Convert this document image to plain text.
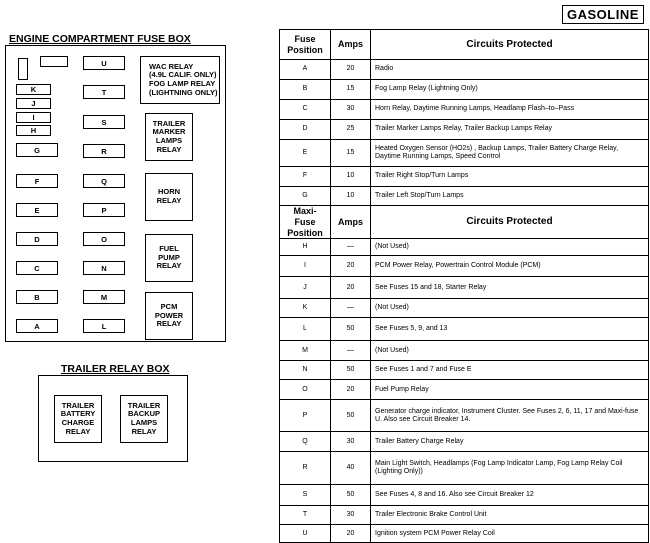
ENGINE COMPARTMENT FUSE BOX
K
J
I
H
G
F
E
D
C
B
A
U
T
S
R
Q
P
O
N
M
L
WAC RELAY
(4.9L CALIF. ONLY)
FOG LAMP RELAY
(LIGHTNING ONLY)
TRAILER
MARKER
LAMPS
RELAY
HORN
RELAY
FUEL
PUMP
RELAY
PCM
POWER
RELAY
TRAILER RELAY BOX
TRAILER
BATTERY
CHARGE
RELAY
TRAILER
BACKUP
LAMPS
RELAY
GASOLINE
Fuse
Position	Amps	Circuits Protected
A	20	Radio
B	15	Fog Lamp Relay (Lightning Only)
C	30	Horn Relay, Daytime Running Lamps, Headlamp Flash–to–Pass
D	25	Trailer Marker Lamps Relay, Trailer Backup Lamps Relay
E	15	Heated Oxygen Sensor (HO2s) , Backup Lamps, Trailer Battery Charge Relay, Daytime Running Lamps, Speed Control
F	10	Trailer Right Stop/Turn Lamps
G	10	Trailer Left Stop/Turn Lamps
Maxi-Fuse
Position	Amps	Circuits Protected
H	—	(Not Used)
I	20	PCM Power Relay, Powertrain Control Module (PCM)
J	20	See Fuses 15 and 18, Starter Relay
K	—	(Not Used)
L	50	See Fuses 5, 9, and 13
M	—	(Not Used)
N	50	See Fuses 1 and 7 and Fuse E
O	20	Fuel Pump Relay
P	50	Generator charge indicator, Instrument Cluster. See Fuses 2, 6, 11, 17 and Maxi-fuse U. Also see Circuit Breaker 14.
Q	30	Trailer Battery Charge Relay
R	40	Main Light Switch, Headlamps (Fog Lamp Indicator Lamp, Fog Lamp Relay Coil (Lighting Only))
S	50	See Fuses 4, 8 and 16. Also see Circuit Breaker 12
T	30	Trailer Electronic Brake Control Unit
U	20	Ignition system PCM Power Relay Coil
